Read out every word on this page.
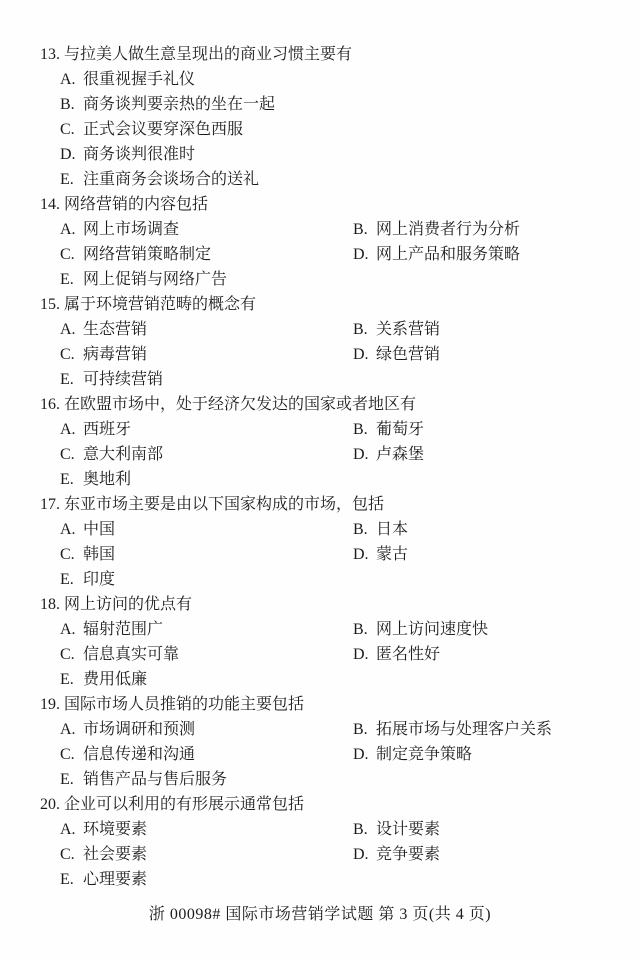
13. 与拉美人做生意呈现出的商业习惯主要有
A. 很重视握手礼仪
B. 商务谈判要亲热的坐在一起
C. 正式会议要穿深色西服
D. 商务谈判很准时
E. 注重商务会谈场合的送礼
14. 网络营销的内容包括
A. 网上市场调查	B. 网上消费者行为分析
C. 网络营销策略制定	D. 网上产品和服务策略
E. 网上促销与网络广告
15. 属于环境营销范畴的概念有
A. 生态营销	B. 关系营销
C. 病毒营销	D. 绿色营销
E. 可持续营销
16. 在欧盟市场中，处于经济欠发达的国家或者地区有
A. 西班牙	B. 葡萄牙
C. 意大利南部	D. 卢森堡
E. 奥地利
17. 东亚市场主要是由以下国家构成的市场，包括
A. 中国	B. 日本
C. 韩国	D. 蒙古
E. 印度
18. 网上访问的优点有
A. 辐射范围广	B. 网上访问速度快
C. 信息真实可靠	D. 匿名性好
E. 费用低廉
19. 国际市场人员推销的功能主要包括
A. 市场调研和预测	B. 拓展市场与处理客户关系
C. 信息传递和沟通	D. 制定竞争策略
E. 销售产品与售后服务
20. 企业可以利用的有形展示通常包括
A. 环境要素	B. 设计要素
C. 社会要素	D. 竞争要素
E. 心理要素
浙 00098# 国际市场营销学试题 第 3 页(共 4 页)
